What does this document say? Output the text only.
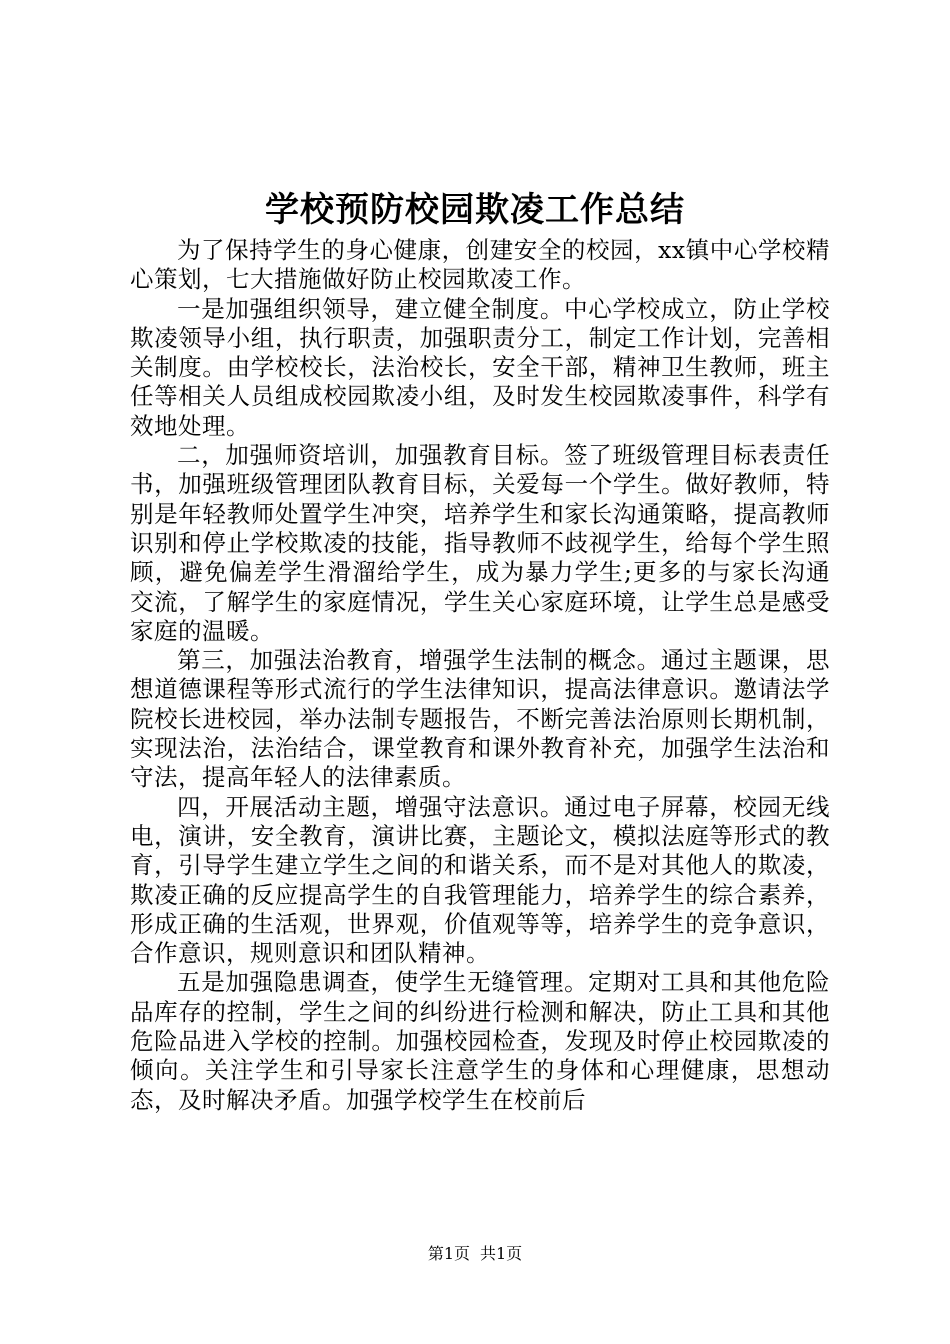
学校预防校园欺凌工作总结

为了保持学生的身心健康，创建安全的校园，xx镇中心学校精心策划，七大措施做好防止校园欺凌工作。

一是加强组织领导，建立健全制度。中心学校成立，防止学校欺凌领导小组，执行职责，加强职责分工，制定工作计划，完善相关制度。由学校校长，法治校长，安全干部，精神卫生教师，班主任等相关人员组成校园欺凌小组，及时发生校园欺凌事件，科学有效地处理。

二，加强师资培训，加强教育目标。签了班级管理目标表责任书，加强班级管理团队教育目标，关爱每一个学生。做好教师，特别是年轻教师处置学生冲突，培养学生和家长沟通策略，提高教师识别和停止学校欺凌的技能，指导教师不歧视学生，给每个学生照顾，避免偏差学生滑溜给学生，成为暴力学生;更多的与家长沟通交流，了解学生的家庭情况，学生关心家庭环境，让学生总是感受家庭的温暖。

第三，加强法治教育，增强学生法制的概念。通过主题课，思想道德课程等形式流行的学生法律知识，提高法律意识。邀请法学院校长进校园，举办法制专题报告，不断完善法治原则长期机制，实现法治，法治结合，课堂教育和课外教育补充，加强学生法治和守法，提高年轻人的法律素质。

四，开展活动主题，增强守法意识。通过电子屏幕，校园无线电，演讲，安全教育，演讲比赛，主题论文，模拟法庭等形式的教育，引导学生建立学生之间的和谐关系，而不是对其他人的欺凌，欺凌正确的反应提高学生的自我管理能力，培养学生的综合素养，形成正确的生活观，世界观，价值观等等，培养学生的竞争意识，合作意识，规则意识和团队精神。

五是加强隐患调查，使学生无缝管理。定期对工具和其他危险品库存的控制，学生之间的纠纷进行检测和解决，防止工具和其他危险品进入学校的控制。加强校园检查，发现及时停止校园欺凌的倾向。关注学生和引导家长注意学生的身体和心理健康，思想动态，及时解决矛盾。加强学校学生在校前后

第1页 共1页
